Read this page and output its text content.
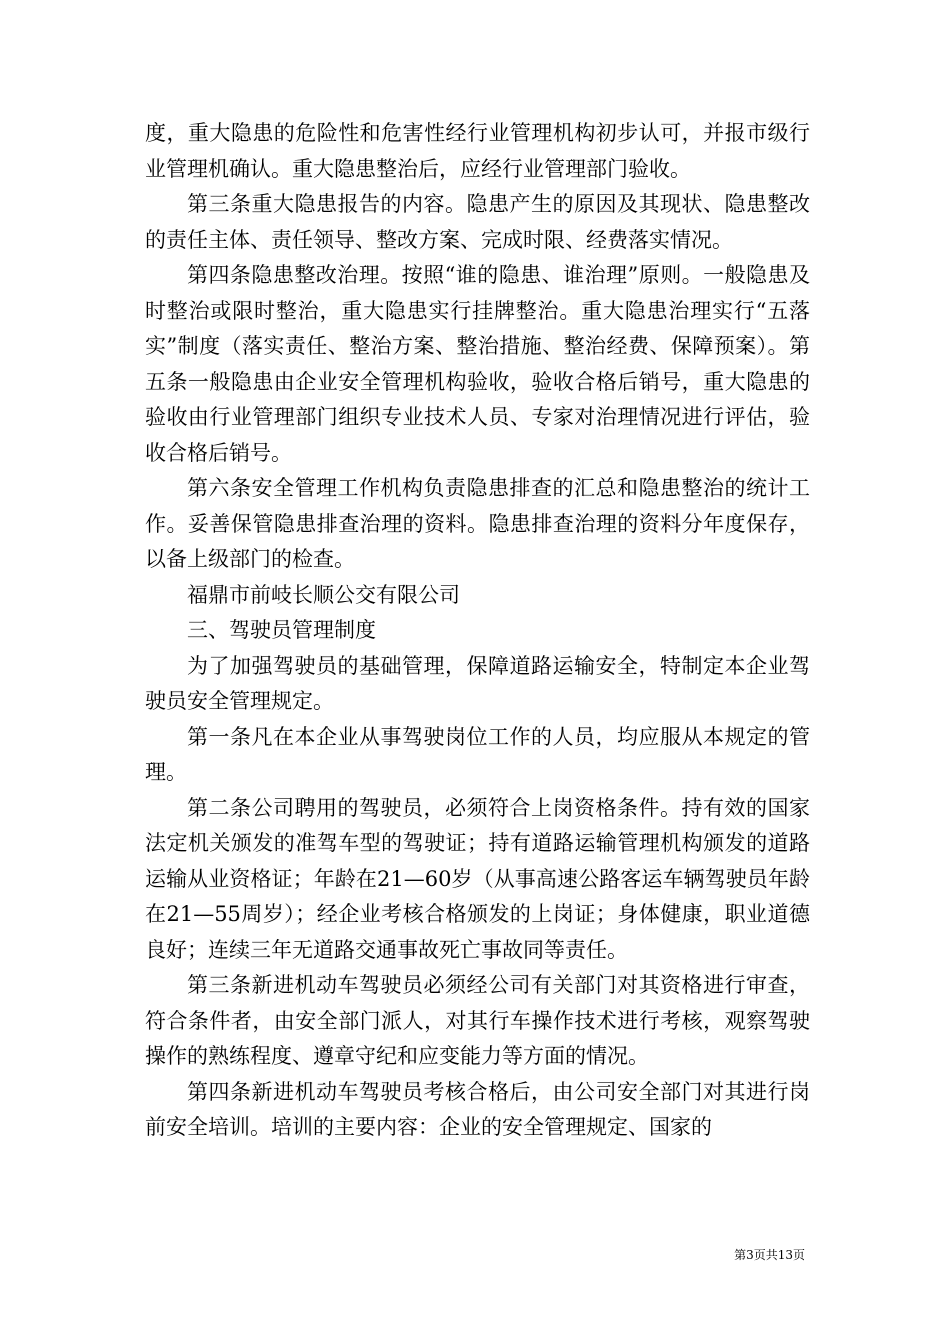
度，重大隐患的危险性和危害性经行业管理机构初步认可，并报市级行业管理机确认。重大隐患整治后，应经行业管理部门验收。

第三条重大隐患报告的内容。隐患产生的原因及其现状、隐患整改的责任主体、责任领导、整改方案、完成时限、经费落实情况。

第四条隐患整改治理。按照“谁的隐患、谁治理”原则。一般隐患及时整治或限时整治，重大隐患实行挂牌整治。重大隐患治理实行“五落实”制度（落实责任、整治方案、整治措施、整治经费、保障预案）。第五条一般隐患由企业安全管理机构验收，验收合格后销号，重大隐患的验收由行业管理部门组织专业技术人员、专家对治理情况进行评估，验收合格后销号。

第六条安全管理工作机构负责隐患排查的汇总和隐患整治的统计工作。妥善保管隐患排查治理的资料。隐患排查治理的资料分年度保存，以备上级部门的检查。

福鼎市前岐长顺公交有限公司

三、驾驶员管理制度

为了加强驾驶员的基础管理，保障道路运输安全，特制定本企业驾驶员安全管理规定。

第一条凡在本企业从事驾驶岗位工作的人员，均应服从本规定的管理。

第二条公司聘用的驾驶员，必须符合上岗资格条件。持有效的国家法定机关颁发的准驾车型的驾驶证；持有道路运输管理机构颁发的道路运输从业资格证；年龄在21—60岁（从事高速公路客运车辆驾驶员年龄在21—55周岁）；经企业考核合格颁发的上岗证；身体健康，职业道德良好；连续三年无道路交通事故死亡事故同等责任。

第三条新进机动车驾驶员必须经公司有关部门对其资格进行审查，符合条件者，由安全部门派人，对其行车操作技术进行考核，观察驾驶操作的熟练程度、遵章守纪和应变能力等方面的情况。

第四条新进机动车驾驶员考核合格后，由公司安全部门对其进行岗前安全培训。培训的主要内容：企业的安全管理规定、国家的

第3页共13页
